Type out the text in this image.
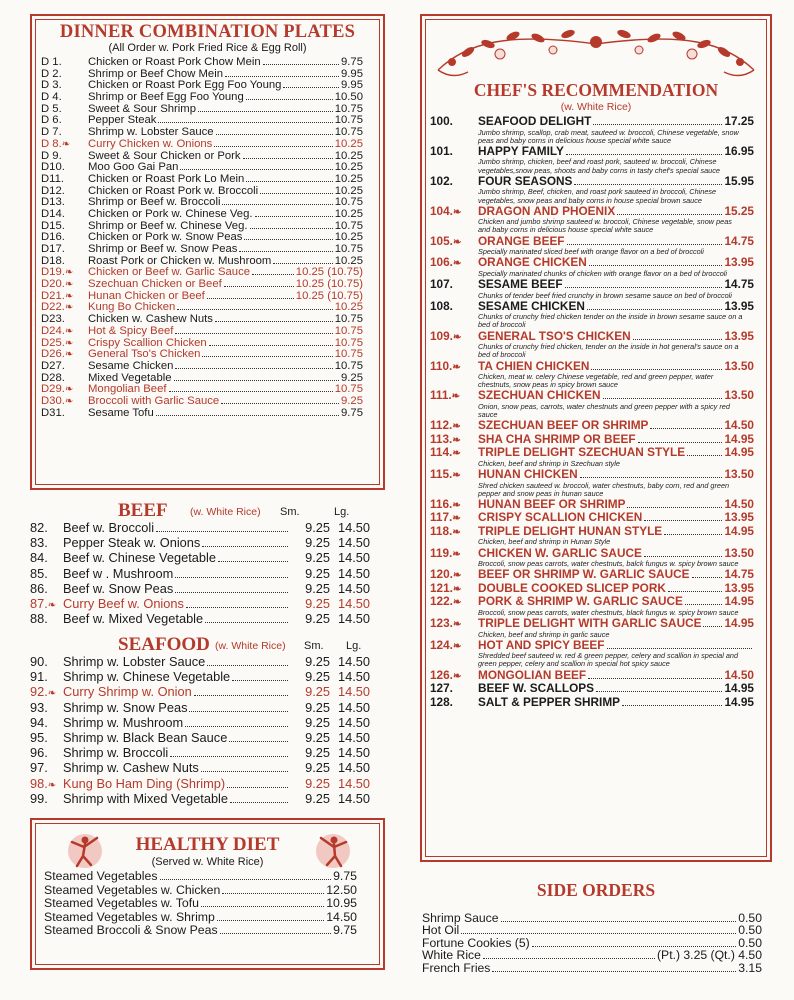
DINNER COMBINATION PLATES
(All Order w. Pork Fried Rice & Egg Roll)
D 1.	Chicken or Roast Pork Chow Mein	9.75
D 2.	Shrimp or Beef Chow Mein	9.95
D 3.	Chicken or Roast Pork Egg Foo Young	9.95
D 4.	Shrimp or Beef Egg Foo Young	10.50
D 5.	Sweet & Sour Shrimp	10.75
D 6.	Pepper Steak	10.75
D 7.	Shrimp w. Lobster Sauce	10.75
D 8.❧	Curry Chicken w. Onions	10.25
D 9.	Sweet & Sour Chicken or Pork	10.25
D10.	Moo Goo Gai Pan	10.25
D11.	Chicken or Roast Pork Lo Mein	10.25
D12.	Chicken or Roast Pork w. Broccoli	10.25
D13.	Shrimp or Beef w. Broccoli	10.75
D14.	Chicken or Pork w. Chinese Veg.	10.25
D15.	Shrimp or Beef w. Chinese Veg.	10.75
D16.	Chicken or Pork w. Snow Peas	10.25
D17.	Shrimp or Beef w. Snow Peas	10.75
D18.	Roast Pork or Chicken w. Mushroom	10.25
D19.❧	Chicken or Beef w. Garlic Sauce	10.25 (10.75)
D20.❧	Szechuan Chicken or Beef	10.25 (10.75)
D21.❧	Hunan Chicken or Beef	10.25 (10.75)
D22.❧	Kung Bo Chicken	10.25
D23.	Chicken w. Cashew Nuts	10.75
D24.❧	Hot & Spicy Beef	10.75
D25.❧	Crispy Scallion Chicken	10.75
D26.❧	General Tso's Chicken	10.75
D27.	Sesame Chicken	10.75
D28.	Mixed Vegetable	9.25
D29.❧	Mongolian Beef	10.75
D30.❧	Broccoli with Garlic Sauce	9.25
D31.	Sesame Tofu	9.75
BEEF (w. White Rice) Sm.	Lg.
82.	Beef w. Broccoli	9.25 14.50
83.	Pepper Steak w. Onions	9.25 14.50
84.	Beef w. Chinese Vegetable	9.25 14.50
85.	Beef w . Mushroom	9.25 14.50
86.	Beef w. Snow Peas	9.25 14.50
87.❧ Curry Beef w. Onions	9.25 14.50
88.	Beef w. Mixed Vegetable	9.25 14.50
SEAFOOD (w. White Rice) Sm. Lg.
90.	Shrimp w. Lobster Sauce	9.25 14.50
91.	Shrimp w. Chinese Vegetable	9.25 14.50
92.❧ Curry Shrimp w. Onion	9.25 14.50
93.	Shrimp w. Snow Peas	9.25 14.50
94.	Shrimp w. Mushroom	9.25 14.50
95.	Shrimp w. Black Bean Sauce	9.25 14.50
96.	Shrimp w. Broccoli	9.25 14.50
97.	Shrimp w. Cashew Nuts	9.25 14.50
98.❧ Kung Bo Ham Ding (Shrimp)	9.25 14.50
99.	Shrimp with Mixed Vegetable	9.25 14.50
HEALTHY DIET
(Served w. White Rice)
Steamed Vegetables	9.75
Steamed Vegetables w. Chicken	12.50
Steamed Vegetables w. Tofu	10.95
Steamed Vegetables w. Shrimp	14.50
Steamed Broccoli & Snow Peas	9.75
CHEF'S RECOMMENDATION
(w. White Rice)
100.	SEAFOOD DELIGHT	17.25
Jumbo shrimp, scallop, crab meat, sauteed w. broccoli, Chinese vegetable, snow peas and baby corns in delicious house special white sauce
101.	HAPPY FAMILY	16.95
Jumbo shrimp, chicken, beef and roast pork, sauteed w. broccoli, Chinese vegetables,snow peas, shoots and baby corns in tasty chef's special sauce
102.	FOUR SEASONS	15.95
Jumbo shrimp, Beef, chicken, and roast pork sauteed in broccoli, Chinese vegetables, snow peas and baby corns in house special brown sauce
104.❧	DRAGON AND PHOENIX	15.25
Chicken and jumbo shrimp sauteed w. broccoli, Chinese vegetable, snow peas and baby corns in delicious house special white sauce
105.❧	ORANGE BEEF	14.75
Specially marinated sliced beef with orange flavor on a bed of broccoli
106.❧	ORANGE CHICKEN	13.95
Specially marinated chunks of chicken with orange flavor on a bed of broccoli
107.	SESAME BEEF	14.75
Chunks of tender beef fried crunchy in brown sesame sauce on bed of broccoli
108.	SESAME CHICKEN	13.95
Chunks of crunchy fried chicken tender on the inside in brown sesame sauce on a bed of broccoli
109.❧	GENERAL TSO'S CHICKEN	13.95
Chunks of crunchy fried chicken, tender on the inside in hot general's sauce on a bed of broccoli
110.❧	TA CHIEN CHICKEN	13.50
Chicken, meat w. celery Chinese vegetable, red and green pepper, water chestnuts, snow peas in spicy brown sauce
111.❧	SZECHUAN CHICKEN	13.50
Onion, snow peas, carrots, water chestnuts and green pepper with a spicy red sauce
112.❧	SZECHUAN BEEF OR SHRIMP	14.50
113.❧	SHA CHA SHRIMP OR BEEF	14.95
114.❧	TRIPLE DELIGHT SZECHUAN STYLE	14.95
Chicken, beef and shrimp in Szechuan style
115.❧	HUNAN CHICKEN	13.50
Shred chicken sauteed w. broccoli, water chestnuts, baby corn, red and green pepper and snow peas in hunan sauce
116.❧	HUNAN BEEF OR SHRIMP	14.50
117.❧	CRISPY SCALLION CHICKEN	13.95
118.❧	TRIPLE DELIGHT HUNAN STYLE	14.95
Chicken, beef and shrimp in Hunan Style
119.❧	CHICKEN W. GARLIC SAUCE	13.50
Broccoli, snow peas carrots, water chestnuts, balck fungus w. spicy brown sauce
120.❧	BEEF OR SHRIMP W. GARLIC SAUCE	14.75
121.❧	DOUBLE COOKED SLICEP PORK	13.95
122.❧	PORK & SHRIMP W. GARLIC SAUCE	14.95
Broccoli, snow peas carrots, water chestnuts, black fungus w. spicy brown sauce
123.❧	TRIPLE DELIGHT WITH GARLIC SAUCE 14.95
Chicken, beef and shrimp in garlic sauce
124.❧	HOT AND SPICY BEEF
Shredded beef sauteed w. red & green pepper, celery and scallion in special and green pepper, celery and scallion in special hot spicy sauce
126.❧	MONGOLIAN BEEF	14.50
127.	BEEF W. SCALLOPS	14.95
128.	SALT & PEPPER SHRIMP	14.95
SIDE ORDERS
Shrimp Sauce	0.50
Hot Oil	0.50
Fortune Cookies (5)	0.50
White Rice	(Pt.) 3.25 (Qt.) 4.50
French Fries	3.15
